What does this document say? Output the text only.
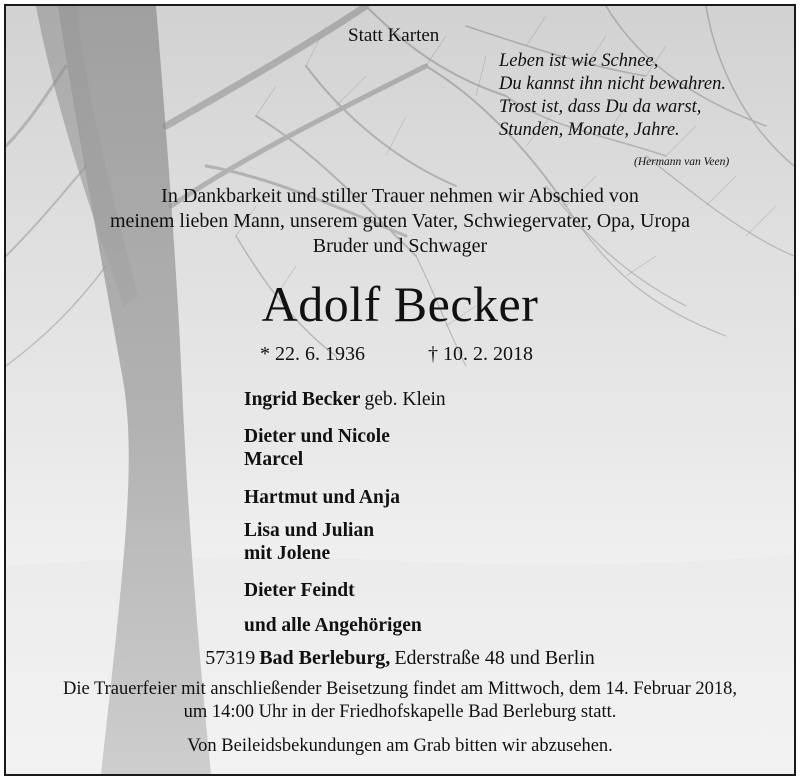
Statt Karten
Leben ist wie Schnee,
Du kannst ihn nicht bewahren.
Trost ist, dass Du da warst,
Stunden, Monate, Jahre.
(Hermann van Veen)
In Dankbarkeit und stiller Trauer nehmen wir Abschied von
meinem lieben Mann, unserem guten Vater, Schwiegervater, Opa, Uropa
Bruder und Schwager
Adolf Becker
* 22. 6. 1936	† 10. 2. 2018
Ingrid Becker geb. Klein
Dieter und Nicole
Marcel
Hartmut und Anja
Lisa und Julian
mit Jolene
Dieter Feindt
und alle Angehörigen
57319 Bad Berleburg, Ederstraße 48 und Berlin
Die Trauerfeier mit anschließender Beisetzung findet am Mittwoch, dem 14. Februar 2018,
um 14:00 Uhr in der Friedhofskapelle Bad Berleburg statt.
Von Beileidsbekundungen am Grab bitten wir abzusehen.
